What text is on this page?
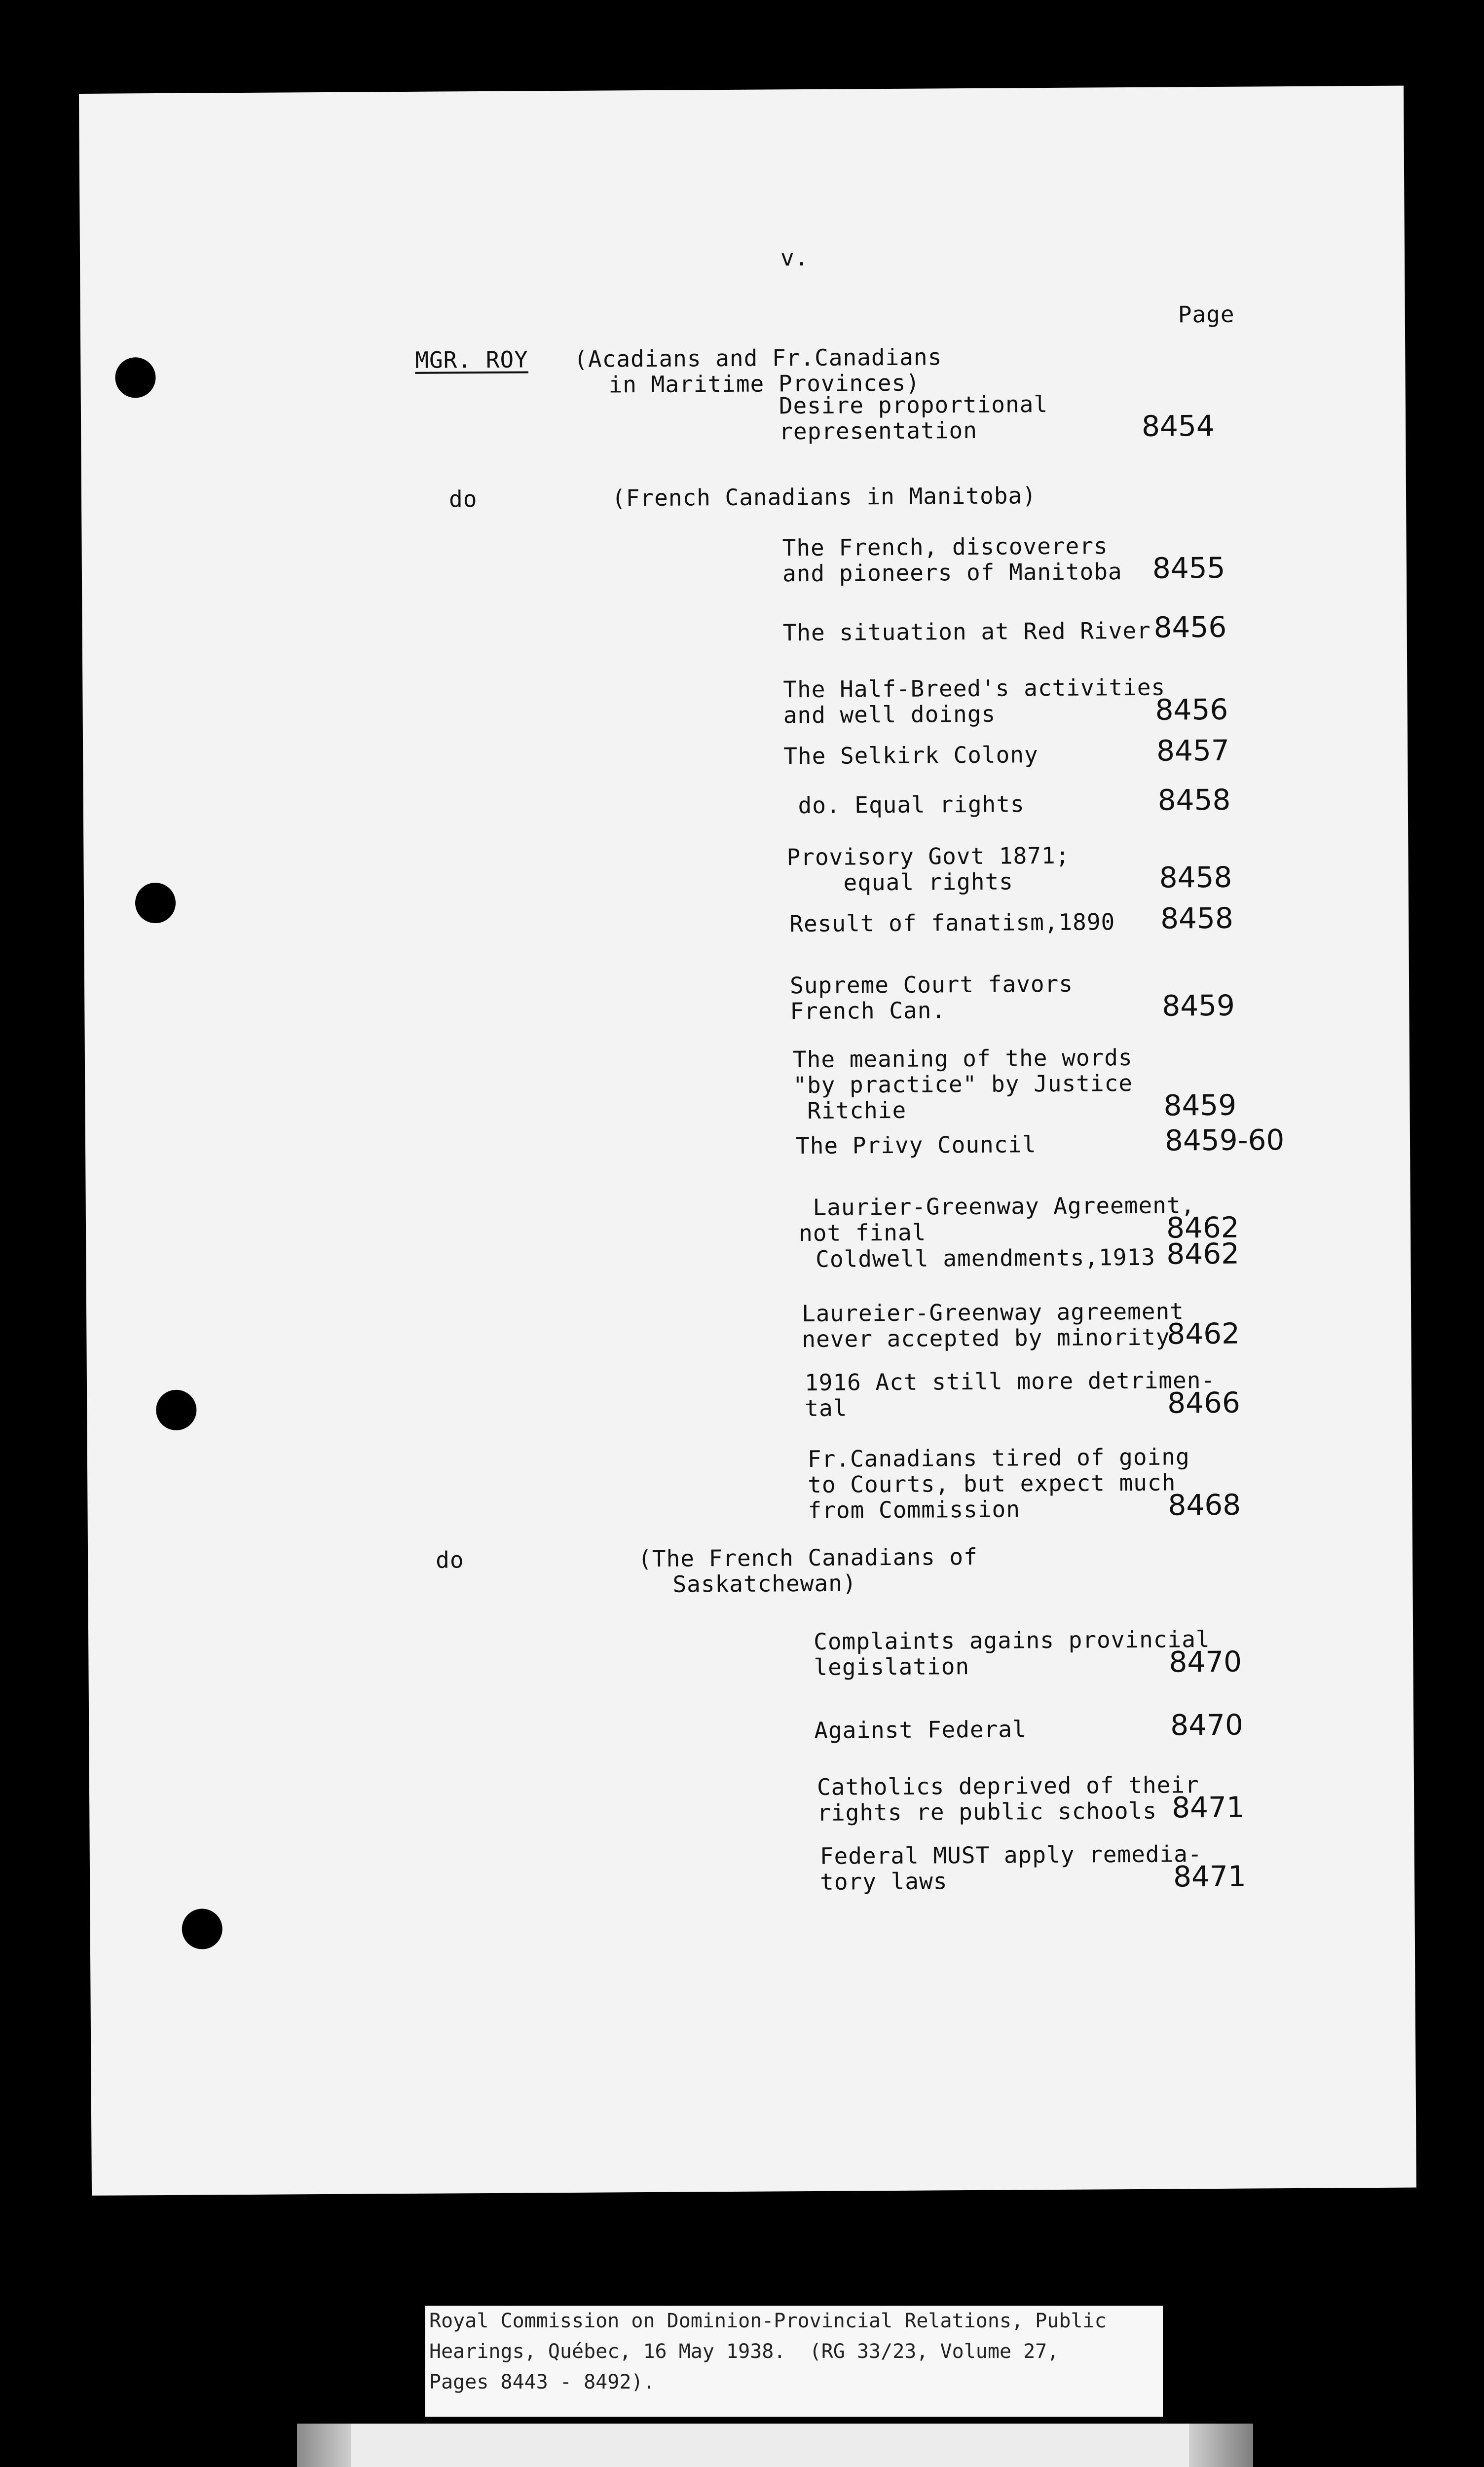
v.
Page
MGR. ROY (Acadians and Fr.Canadians
in Maritime Provinces)
Desire proportional
representation	8454
do	(French Canadians in Manitoba)
The French, discoverers
and pioneers of Manitoba 8455
The situation at Red River 8456
The Half-Breed's activities
and well doings	8456
The Selkirk Colony	8457
do. Equal rights	8458
Provisory Govt 1871;
equal rights	8458
Result of fanatism,1890 8458
Supreme Court favors
French Can.	8459
The meaning of the words
"by practice" by Justice
Ritchie	8459
The Privy Council	8459-60
Laurier-Greenway Agreement,
not final	8462
Coldwell amendments,1913 8462
Laureier-Greenway agreement
never accepted by minority
8462
1916 Act still more detrimen-
tal	8466
Fr.Canadians tired of going
to Courts, but expect much
from Commission	8468
do	(The French Canadians of
Saskatchewan)
Complaints agains provincial
legislation	8470
Against Federal	8470
Catholics deprived of their
rights re public schools 8471
Federal MUST apply remedia-
tory laws	8471
Royal Commission on Dominion-Provincial Relations, Public
Hearings, Québec, 16 May 1938.  (RG 33/23, Volume 27,
Pages 8443 - 8492).
